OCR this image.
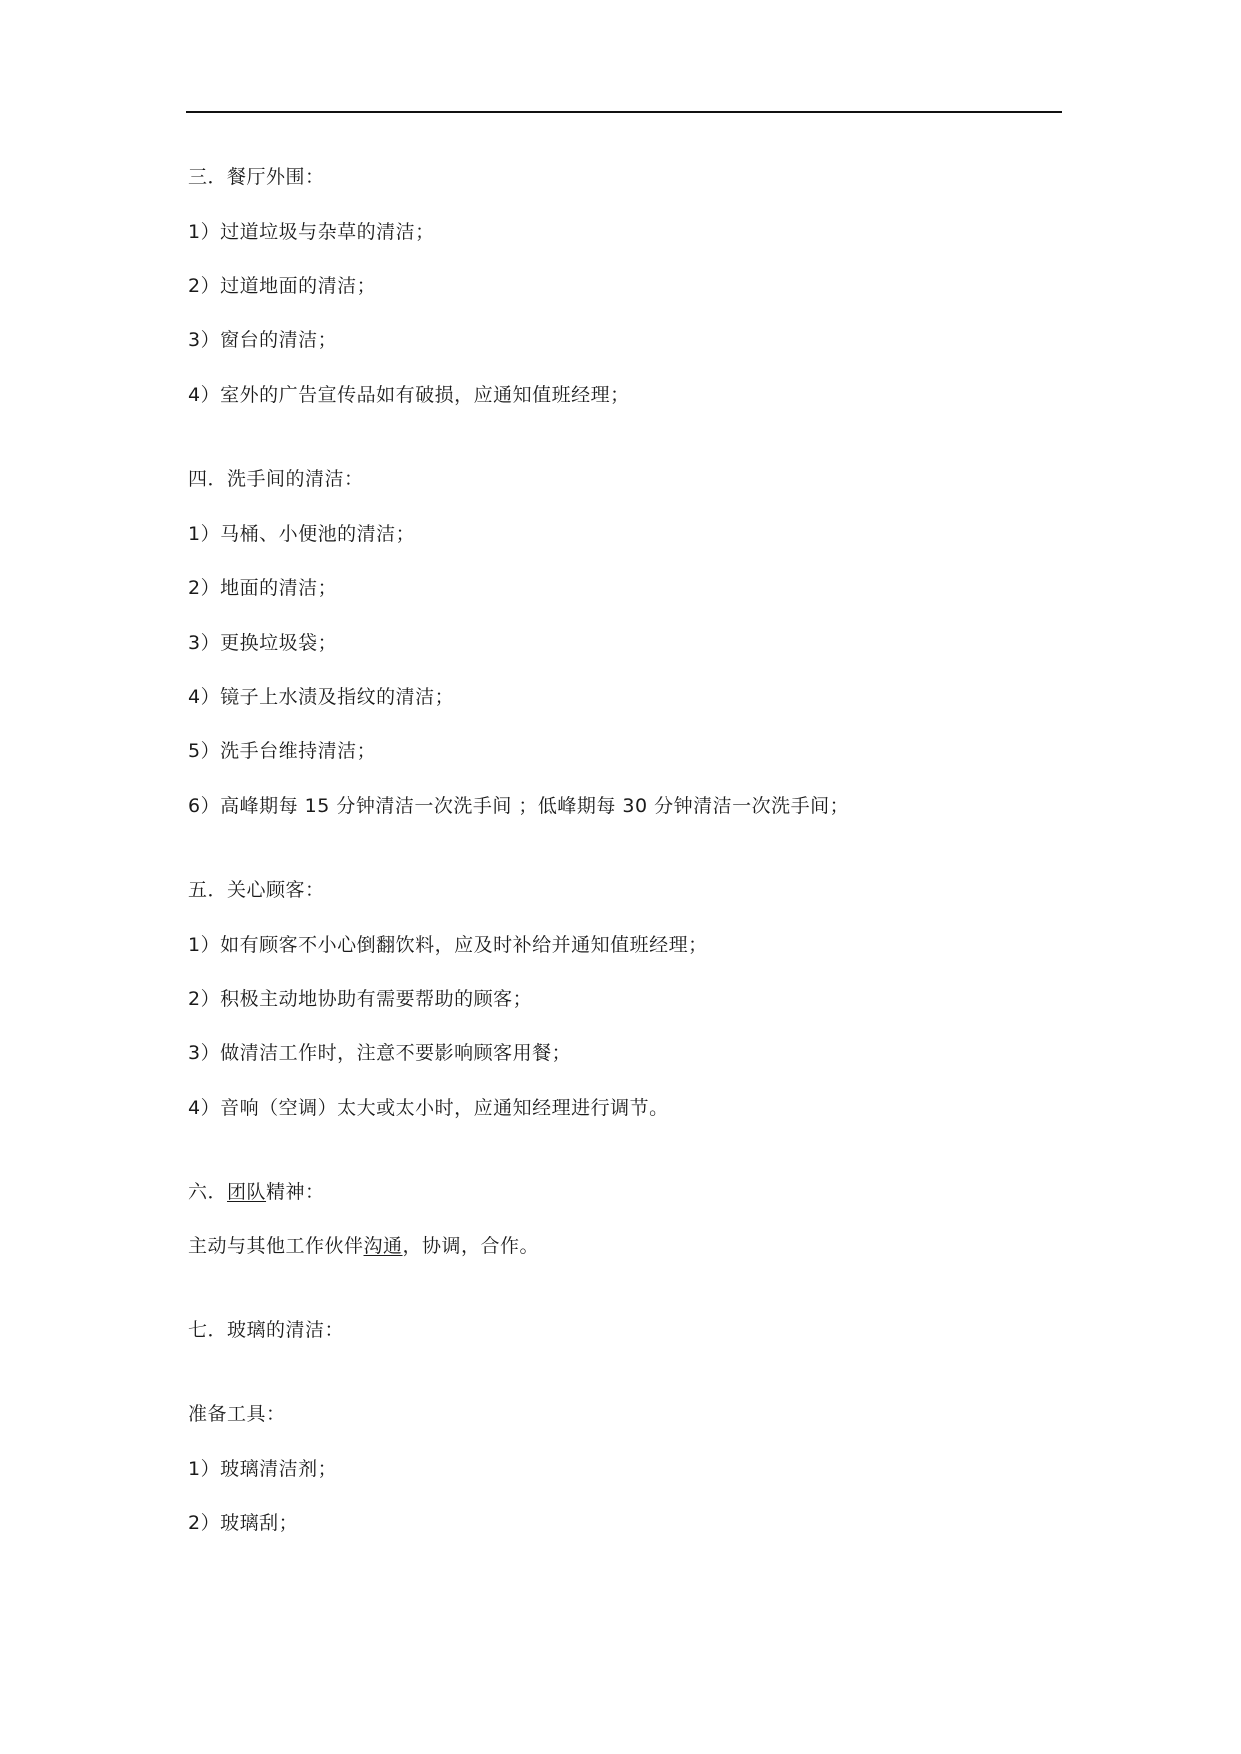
三．餐厅外围：
1）过道垃圾与杂草的清洁；
2）过道地面的清洁；
3）窗台的清洁；
4）室外的广告宣传品如有破损，应通知值班经理；
四．洗手间的清洁：
1）马桶、小便池的清洁；
2）地面的清洁；
3）更换垃圾袋；
4）镜子上水渍及指纹的清洁；
5）洗手台维持清洁；
6）高峰期每 15 分钟清洁一次洗手间 ；低峰期每 30 分钟清洁一次洗手间；
五．关心顾客：
1）如有顾客不小心倒翻饮料，应及时补给并通知值班经理；
2）积极主动地协助有需要帮助的顾客；
3）做清洁工作时，注意不要影响顾客用餐；
4）音响（空调）太大或太小时，应通知经理进行调节。
六．团队精神：
主动与其他工作伙伴沟通，协调，合作。
七．玻璃的清洁：
准备工具：
1）玻璃清洁剂；
2）玻璃刮；
